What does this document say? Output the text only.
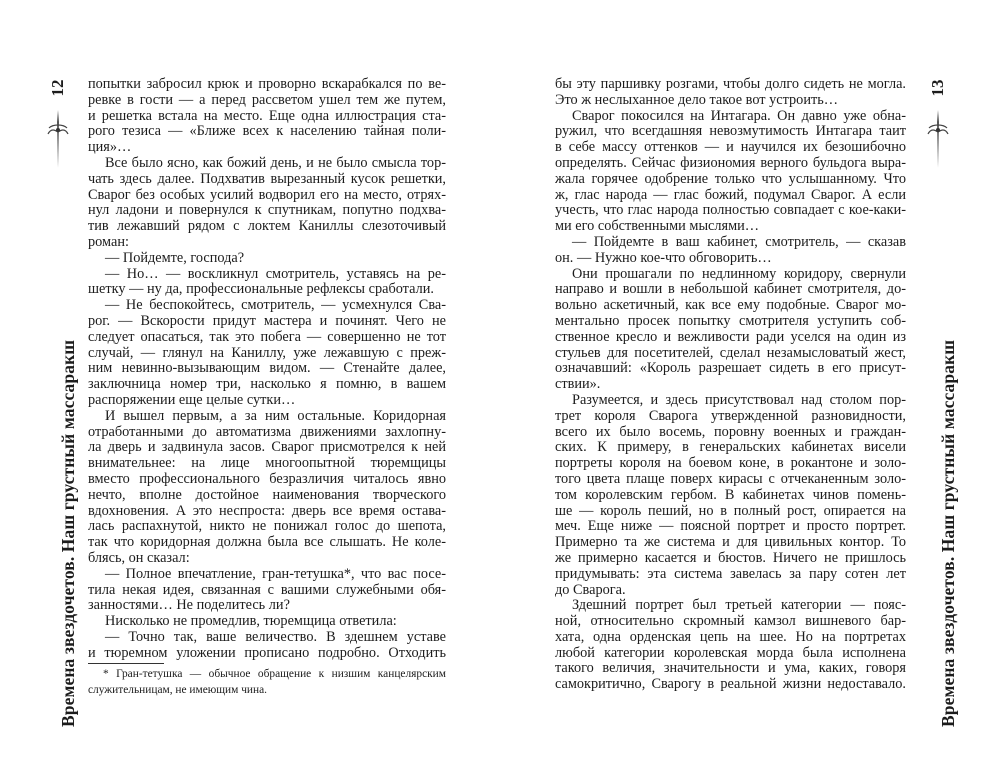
12
Времена звездочетов. Наш грустный массаракш
попытки забросил крюк и проворно вскарабкался по ве-
ревке в гости — а перед рассветом ушел тем же путем,
и решетка встала на место. Еще одна иллюстрация ста-
рого тезиса — «Ближе всех к населению тайная поли-
ция»…
Все было ясно, как божий день, и не было смысла тор-
чать здесь далее. Подхватив вырезанный кусок решетки,
Сварог без особых усилий водворил его на место, отрях-
нул ладони и повернулся к спутникам, попутно подхва-
тив лежавший рядом с локтем Каниллы слезоточивый
роман:
— Пойдемте, господа?
— Но… — воскликнул смотритель, уставясь на ре-
шетку — ну да, профессиональные рефлексы сработали.
— Не беспокойтесь, смотритель, — усмехнулся Сва-
рог. — Вскорости придут мастера и починят. Чего не
следует опасаться, так это побега — совершенно не тот
случай, — глянул на Каниллу, уже лежавшую с преж-
ним невинно-вызывающим видом. — Стенайте далее,
заключница номер три, насколько я помню, в вашем
распоряжении еще целые сутки…
И вышел первым, а за ним остальные. Коридорная
отработанными до автоматизма движениями захлопну-
ла дверь и задвинула засов. Сварог присмотрелся к ней
внимательнее: на лице многоопытной тюремщицы
вместо профессионального безразличия читалось явно
нечто, вполне достойное наименования творческого
вдохновения. А это неспроста: дверь все время остава-
лась распахнутой, никто не понижал голос до шепота,
так что коридорная должна была все слышать. Не коле-
блясь, он сказал:
— Полное впечатление, гран-тетушка*, что вас посе-
тила некая идея, связанная с вашими служебными обя-
занностями… Не поделитесь ли?
Нисколько не промедлив, тюремщица ответила:
— Точно так, ваше величество. В здешнем уставе
и тюремном уложении прописано подробно. Отходить
* Гран-тетушка — обычное обращение к низшим канцелярским
служительницам, не имеющим чина.
бы эту паршивку розгами, чтобы долго сидеть не могла.
Это ж неслыханное дело такое вот устроить…
Сварог покосился на Интагара. Он давно уже обна-
ружил, что всегдашняя невозмутимость Интагара таит
в себе массу оттенков — и научился их безошибочно
определять. Сейчас физиономия верного бульдога выра-
жала горячее одобрение только что услышанному. Что
ж, глас народа — глас божий, подумал Сварог. А если
учесть, что глас народа полностью совпадает с кое-каки-
ми его собственными мыслями…
— Пойдемте в ваш кабинет, смотритель, — сказав
он. — Нужно кое-что обговорить…
Они прошагали по недлинному коридору, свернули
направо и вошли в небольшой кабинет смотрителя, до-
вольно аскетичный, как все ему подобные. Сварог мо-
ментально просек попытку смотрителя уступить соб-
ственное кресло и вежливости ради уселся на один из
стульев для посетителей, сделал незамысловатый жест,
означавший: «Король разрешает сидеть в его присут-
ствии».
Разумеется, и здесь присутствовал над столом пор-
трет короля Сварога утвержденной разновидности,
всего их было восемь, поровну военных и граждан-
ских. К примеру, в генеральских кабинетах висели
портреты короля на боевом коне, в рокантоне и золо-
того цвета плаще поверх кирасы с отчеканенным золо-
том королевским гербом. В кабинетах чинов помень-
ше — король пеший, но в полный рост, опирается на
меч. Еще ниже — поясной портрет и просто портрет.
Примерно та же система и для цивильных контор. То
же примерно касается и бюстов. Ничего не пришлось
придумывать: эта система завелась за пару сотен лет
до Сварога.
Здешний портрет был третьей категории — пояс-
ной, относительно скромный камзол вишневого бар-
хата, одна орденская цепь на шее. Но на портретах
любой категории королевская морда была исполнена
такого величия, значительности и ума, каких, говоря
самокритично, Сварогу в реальной жизни недоставало.
13
Времена звездочетов. Наш грустный массаракш
